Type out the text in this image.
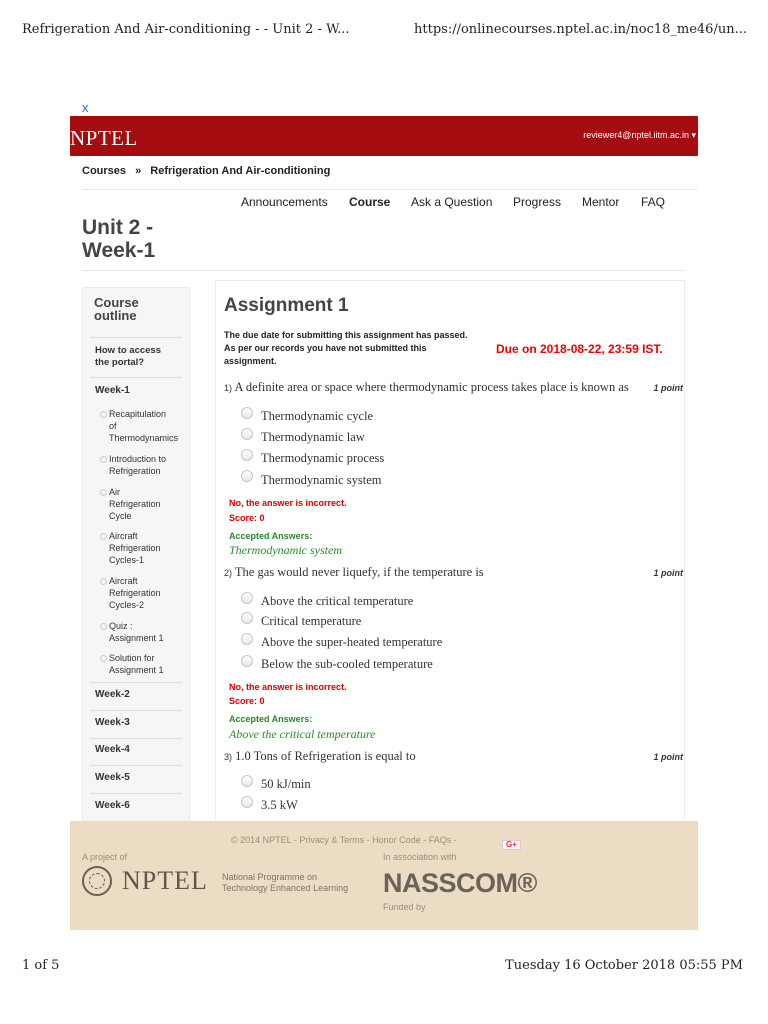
Refrigeration And Air-conditioning - - Unit 2 - W...	https://onlinecourses.nptel.ac.in/noc18_me46/un...
x
NPTEL	reviewer4@nptel.iitm.ac.in ▾
Courses » Refrigeration And Air-conditioning
Announcements Course Ask a Question Progress Mentor FAQ
Unit 2 -
Week-1
Course
outline
How to access
the portal?
Week-1
Recapitulation
of
Thermodynamics
Introduction to
Refrigeration
Air
Refrigeration
Cycle
Aircraft
Refrigeration
Cycles-1
Aircraft
Refrigeration
Cycles-2
Quiz :
Assignment 1
Solution for
Assignment 1
Week-2
Week-3
Week-4
Week-5
Week-6
Assignment 1
The due date for submitting this assignment has passed.
As per our records you have not submitted this
assignment.
Due on 2018-08-22, 23:59 IST.
1) A definite area or space where thermodynamic process takes place is known as	1 point
Thermodynamic cycle
Thermodynamic law
Thermodynamic process
Thermodynamic system
No, the answer is incorrect.
Score: 0
Accepted Answers:
Thermodynamic system
2) The gas would never liquefy, if the temperature is	1 point
Above the critical temperature
Critical temperature
Above the super-heated temperature
Below the sub-cooled temperature
No, the answer is incorrect.
Score: 0
Accepted Answers:
Above the critical temperature
3) 1.0 Tons of Refrigeration is equal to	1 point
50 kJ/min
3.5 kW
© 2014 NPTEL - Privacy & Terms - Honor Code - FAQs -	G+
A project of	In association with
NPTEL National Programme on
Technology Enhanced Learning NASSCOM®
Funded by
1 of 5	Tuesday 16 October 2018 05:55 PM
